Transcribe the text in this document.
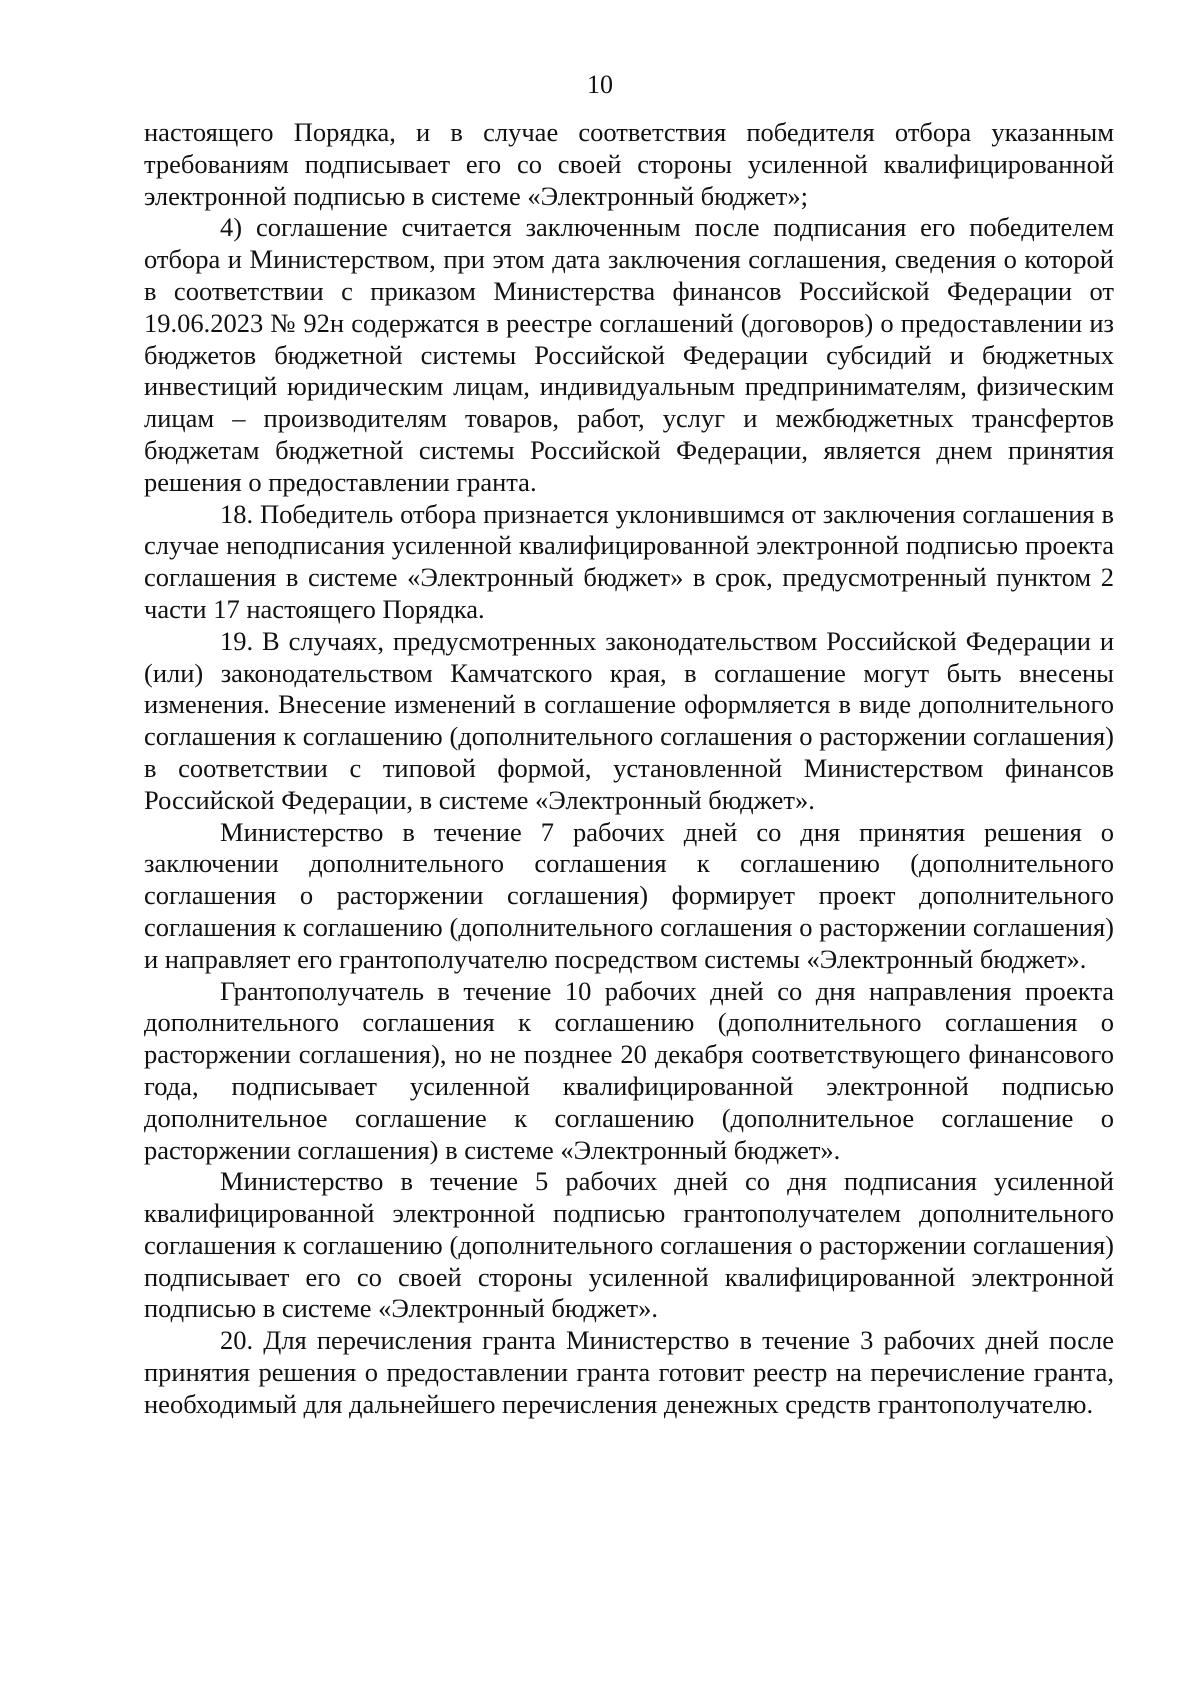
10

настоящего Порядка, и в случае соответствия победителя отбора указанным требованиям подписывает его со своей стороны усиленной квалифицированной электронной подписью в системе «Электронный бюджет»;

4) соглашение считается заключенным после подписания его победителем отбора и Министерством, при этом дата заключения соглашения, сведения о которой в соответствии с приказом Министерства финансов Российской Федерации от 19.06.2023 № 92н содержатся в реестре соглашений (договоров) о предоставлении из бюджетов бюджетной системы Российской Федерации субсидий и бюджетных инвестиций юридическим лицам, индивидуальным предпринимателям, физическим лицам – производителям товаров, работ, услуг и межбюджетных трансфертов бюджетам бюджетной системы Российской Федерации, является днем принятия решения о предоставлении гранта.

18. Победитель отбора признается уклонившимся от заключения соглашения в случае неподписания усиленной квалифицированной электронной подписью проекта соглашения в системе «Электронный бюджет» в срок, предусмотренный пунктом 2 части 17 настоящего Порядка.

19. В случаях, предусмотренных законодательством Российской Федерации и (или) законодательством Камчатского края, в соглашение могут быть внесены изменения. Внесение изменений в соглашение оформляется в виде дополнительного соглашения к соглашению (дополнительного соглашения о расторжении соглашения) в соответствии с типовой формой, установленной Министерством финансов Российской Федерации, в системе «Электронный бюджет».

Министерство в течение 7 рабочих дней со дня принятия решения о заключении дополнительного соглашения к соглашению (дополнительного соглашения о расторжении соглашения) формирует проект дополнительного соглашения к соглашению (дополнительного соглашения о расторжении соглашения) и направляет его грантополучателю посредством системы «Электронный бюджет».

Грантополучатель в течение 10 рабочих дней со дня направления проекта дополнительного соглашения к соглашению (дополнительного соглашения о расторжении соглашения), но не позднее 20 декабря соответствующего финансового года, подписывает усиленной квалифицированной электронной подписью дополнительное соглашение к соглашению (дополнительное соглашение о расторжении соглашения) в системе «Электронный бюджет».

Министерство в течение 5 рабочих дней со дня подписания усиленной квалифицированной электронной подписью грантополучателем дополнительного соглашения к соглашению (дополнительного соглашения о расторжении соглашения) подписывает его со своей стороны усиленной квалифицированной электронной подписью в системе «Электронный бюджет».

20. Для перечисления гранта Министерство в течение 3 рабочих дней после принятия решения о предоставлении гранта готовит реестр на перечисление гранта, необходимый для дальнейшего перечисления денежных средств грантополучателю.
